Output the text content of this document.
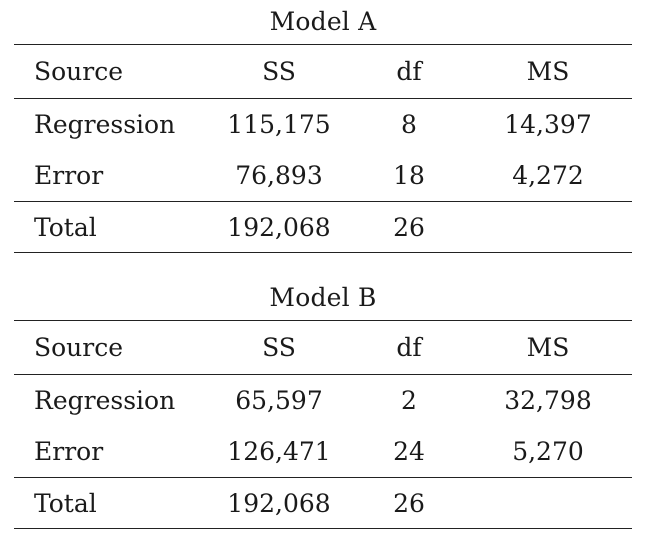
Model A
Source	SS	df	MS
Regression	115,175	8	14,397
Error	76,893	18	4,272
Total	192,068	26	
Model B
Source	SS	df	MS
Regression	65,597	2	32,798
Error	126,471	24	5,270
Total	192,068	26	
